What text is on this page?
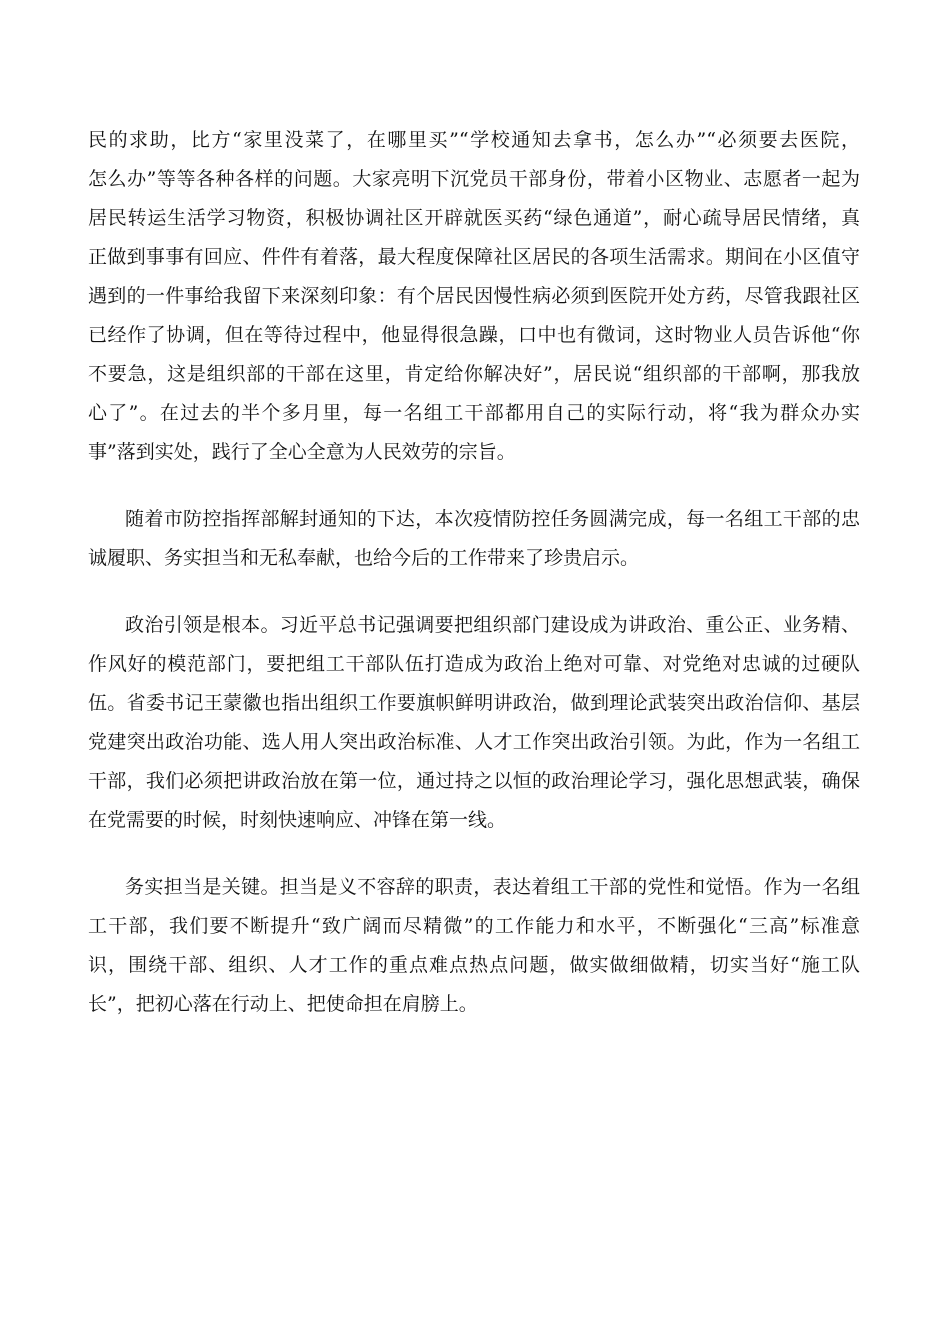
民的求助，比方“家里没菜了，在哪里买”“学校通知去拿书，怎么办”“必须要去医院，
怎么办”等等各种各样的问题。大家亮明下沉党员干部身份，带着小区物业、志愿者一起为
居民转运生活学习物资，积极协调社区开辟就医买药“绿色通道”，耐心疏导居民情绪，真
正做到事事有回应、件件有着落，最大程度保障社区居民的各项生活需求。期间在小区值守
遇到的一件事给我留下来深刻印象：有个居民因慢性病必须到医院开处方药，尽管我跟社区
已经作了协调，但在等待过程中，他显得很急躁，口中也有微词，这时物业人员告诉他“你
不要急，这是组织部的干部在这里，肯定给你解决好”，居民说“组织部的干部啊，那我放
心了”。在过去的半个多月里，每一名组工干部都用自己的实际行动，将“我为群众办实
事”落到实处，践行了全心全意为人民效劳的宗旨。
随着市防控指挥部解封通知的下达，本次疫情防控任务圆满完成，每一名组工干部的忠
诚履职、务实担当和无私奉献，也给今后的工作带来了珍贵启示。
政治引领是根本。习近平总书记强调要把组织部门建设成为讲政治、重公正、业务精、
作风好的模范部门，要把组工干部队伍打造成为政治上绝对可靠、对党绝对忠诚的过硬队
伍。省委书记王蒙徽也指出组织工作要旗帜鲜明讲政治，做到理论武装突出政治信仰、基层
党建突出政治功能、选人用人突出政治标准、人才工作突出政治引领。为此，作为一名组工
干部，我们必须把讲政治放在第一位，通过持之以恒的政治理论学习，强化思想武装，确保
在党需要的时候，时刻快速响应、冲锋在第一线。
务实担当是关键。担当是义不容辞的职责，表达着组工干部的党性和觉悟。作为一名组
工干部，我们要不断提升“致广阔而尽精微”的工作能力和水平，不断强化“三高”标准意
识，围绕干部、组织、人才工作的重点难点热点问题，做实做细做精，切实当好“施工队
长”，把初心落在行动上、把使命担在肩膀上。
